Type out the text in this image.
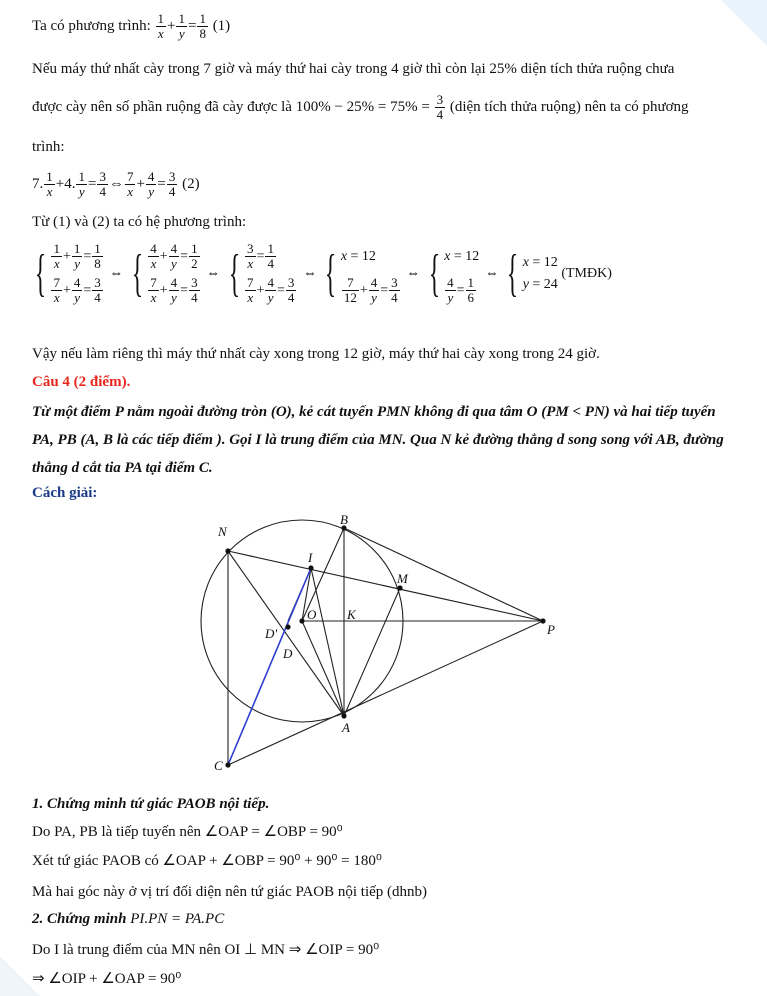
Ta có phương trình: $\frac{1}{x} + \frac{1}{y} = \frac{1}{8} (1)$
Nếu máy thứ nhất cày trong 7 giờ và máy thứ hai cày trong 4 giờ thì còn lại 25% diện tích thửa ruộng chưa
được cày nên số phần ruộng đã cày được là $100\% - 25\% = 75\% = \frac{3}{4}$ (diện tích thửa ruộng) nên ta có phương
trình:
7. $\frac{1}{x} +4$. $\frac{1}{y} = \frac{3}{4}$ ⇔ $\frac{7}{x} + \frac{4}{y} = \frac{3}{4} (2)$
Từ (1) và (2) ta có hệ phương trình:
{ $\frac{1}{x} + \frac{1}{y} = \frac{1}{8}$
$\frac{7}{x} + \frac{4}{y} = \frac{3}{4}$
⇔ { $\frac{4}{x} + \frac{4}{y} = \frac{1}{2}$
$\frac{7}{x} + \frac{4}{y} = \frac{3}{4}$
⇔ { $\frac{3}{x} = \frac{1}{4}$
$\frac{7}{x} + \frac{4}{y} = \frac{3}{4}$
⇔ { x = 12
$\frac{7}{12} + \frac{4}{y} = \frac{3}{4}$
⇔ { x = 12
$\frac{4}{y} = \frac{1}{6}$
⇔ { x = 12
y = 24
(TMĐK)
Vậy nếu làm riêng thì máy thứ nhất cày xong trong 12 giờ, máy thứ hai cày xong trong 24 giờ.
Câu 4 (2 điểm).
Từ một điểm P nằm ngoài đường tròn (O), kẻ cát tuyến PMN không đi qua tâm O (PM < PN) và hai tiếp tuyến PA, PB (A, B là các tiếp điểm ). Gọi I là trung điểm của MN. Qua N kẻ đường thẳng d song song với AB, đường thẳng d cắt tia PA tại điểm C.
Cách giải:
N
B
I
M
O K
P
D'
D
A
C
1. Chứng minh tứ giác PAOB nội tiếp.
Do PA, PB là tiếp tuyến nên ∠OAP = ∠OBP = 90⁰
Xét tứ giác PAOB có ∠OAP + ∠OBP = 90⁰ + 90⁰ = 180⁰
Mà hai góc này ở vị trí đối diện nên tứ giác PAOB nội tiếp (dhnb)
2. Chứng minh PI.PN = PA.PC
Do I là trung điểm của MN nên OI ⊥ MN ⇒ ∠OIP = 90⁰
⇒ ∠OIP + ∠OAP = 90⁰
